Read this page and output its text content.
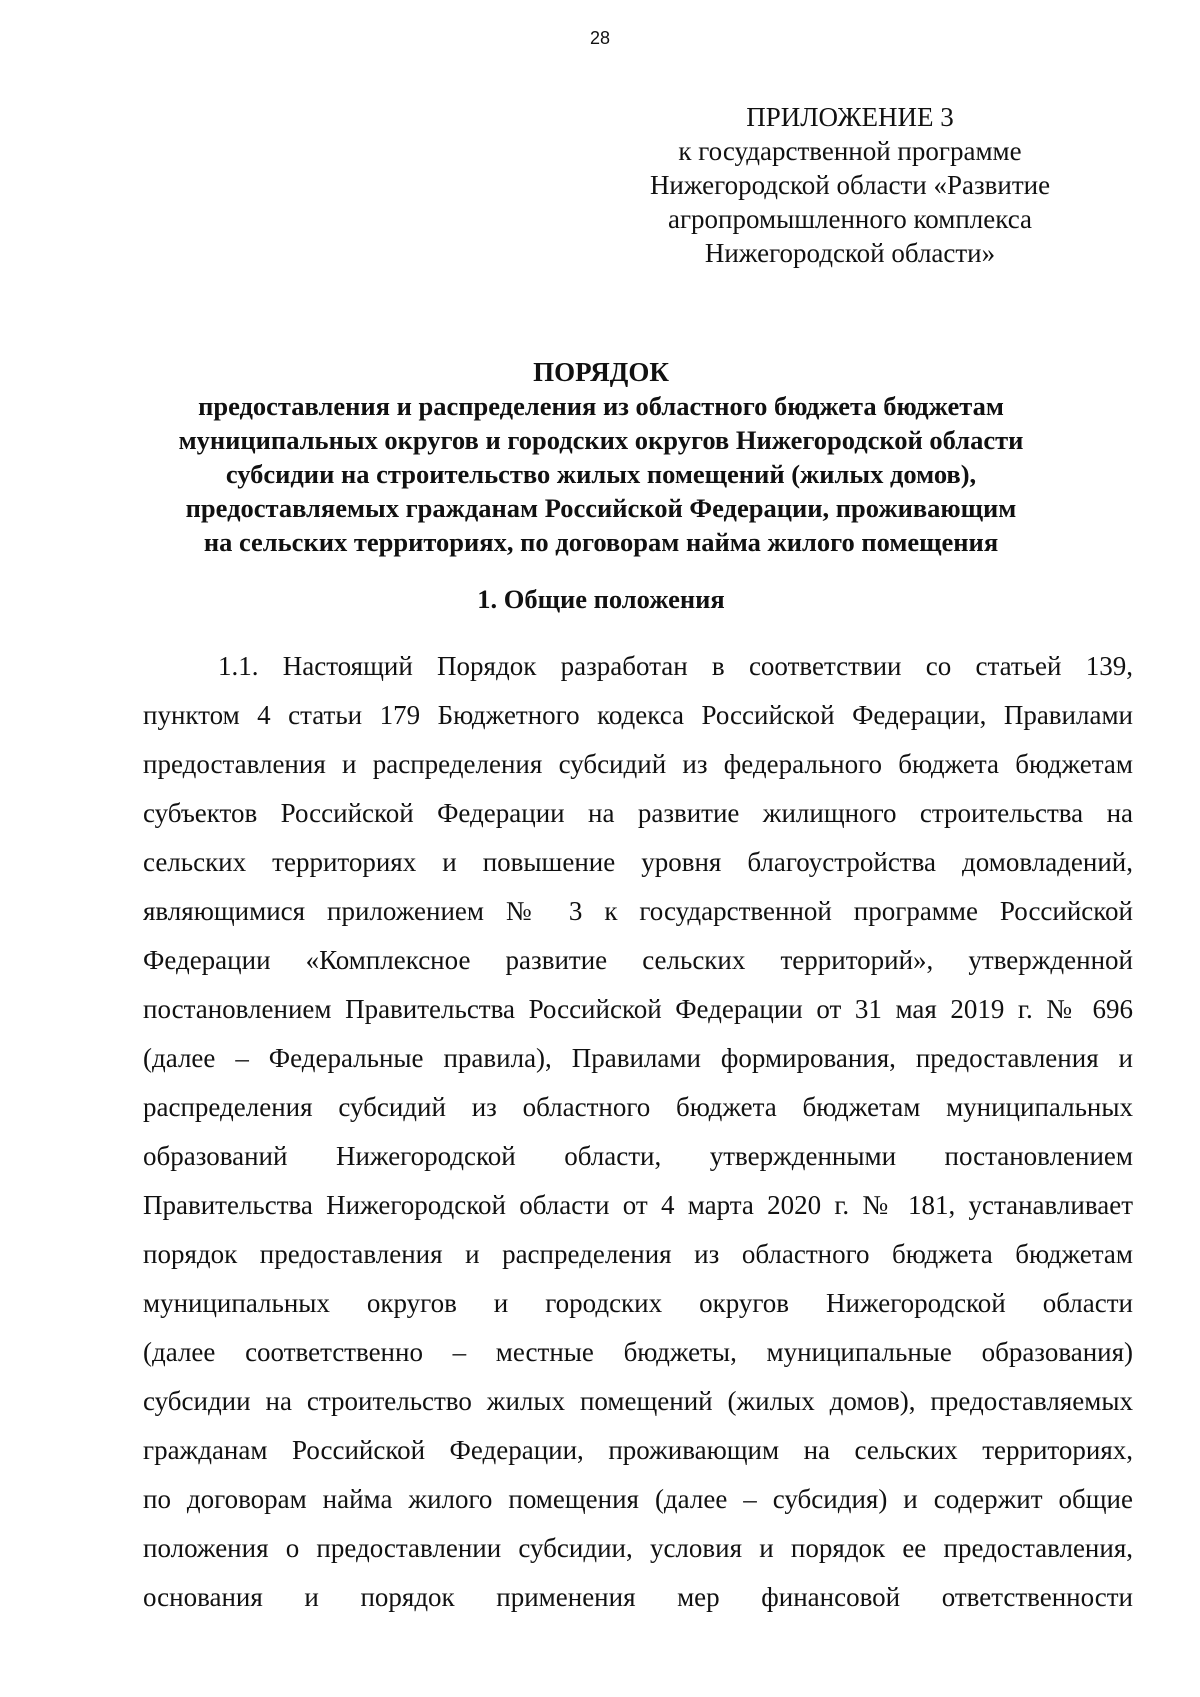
28
ПРИЛОЖЕНИЕ 3
к государственной программе
Нижегородской области «Развитие
агропромышленного комплекса
Нижегородской области»
ПОРЯДОК
предоставления и распределения из областного бюджета бюджетам
муниципальных округов и городских округов Нижегородской области
субсидии на строительство жилых помещений (жилых домов),
предоставляемых гражданам Российской Федерации, проживающим
на сельских территориях, по договорам найма жилого помещения
1. Общие положения
1.1. Настоящий Порядок разработан в соответствии со статьей 139,
пунктом 4 статьи 179 Бюджетного кодекса Российской Федерации, Правилами
предоставления и распределения субсидий из федерального бюджета бюджетам
субъектов Российской Федерации на развитие жилищного строительства на
сельских территориях и повышение уровня благоустройства домовладений,
являющимися приложением № 3 к государственной программе Российской
Федерации «Комплексное развитие сельских территорий», утвержденной
постановлением Правительства Российской Федерации от 31 мая 2019 г. № 696
(далее – Федеральные правила), Правилами формирования, предоставления и
распределения субсидий из областного бюджета бюджетам муниципальных
образований Нижегородской области, утвержденными постановлением
Правительства Нижегородской области от 4 марта 2020 г. № 181, устанавливает
порядок предоставления и распределения из областного бюджета бюджетам
муниципальных округов и городских округов Нижегородской области
(далее соответственно – местные бюджеты, муниципальные образования)
субсидии на строительство жилых помещений (жилых домов), предоставляемых
гражданам Российской Федерации, проживающим на сельских территориях,
по договорам найма жилого помещения (далее – субсидия) и содержит общие
положения о предоставлении субсидии, условия и порядок ее предоставления,
основания и порядок применения мер финансовой ответственности
